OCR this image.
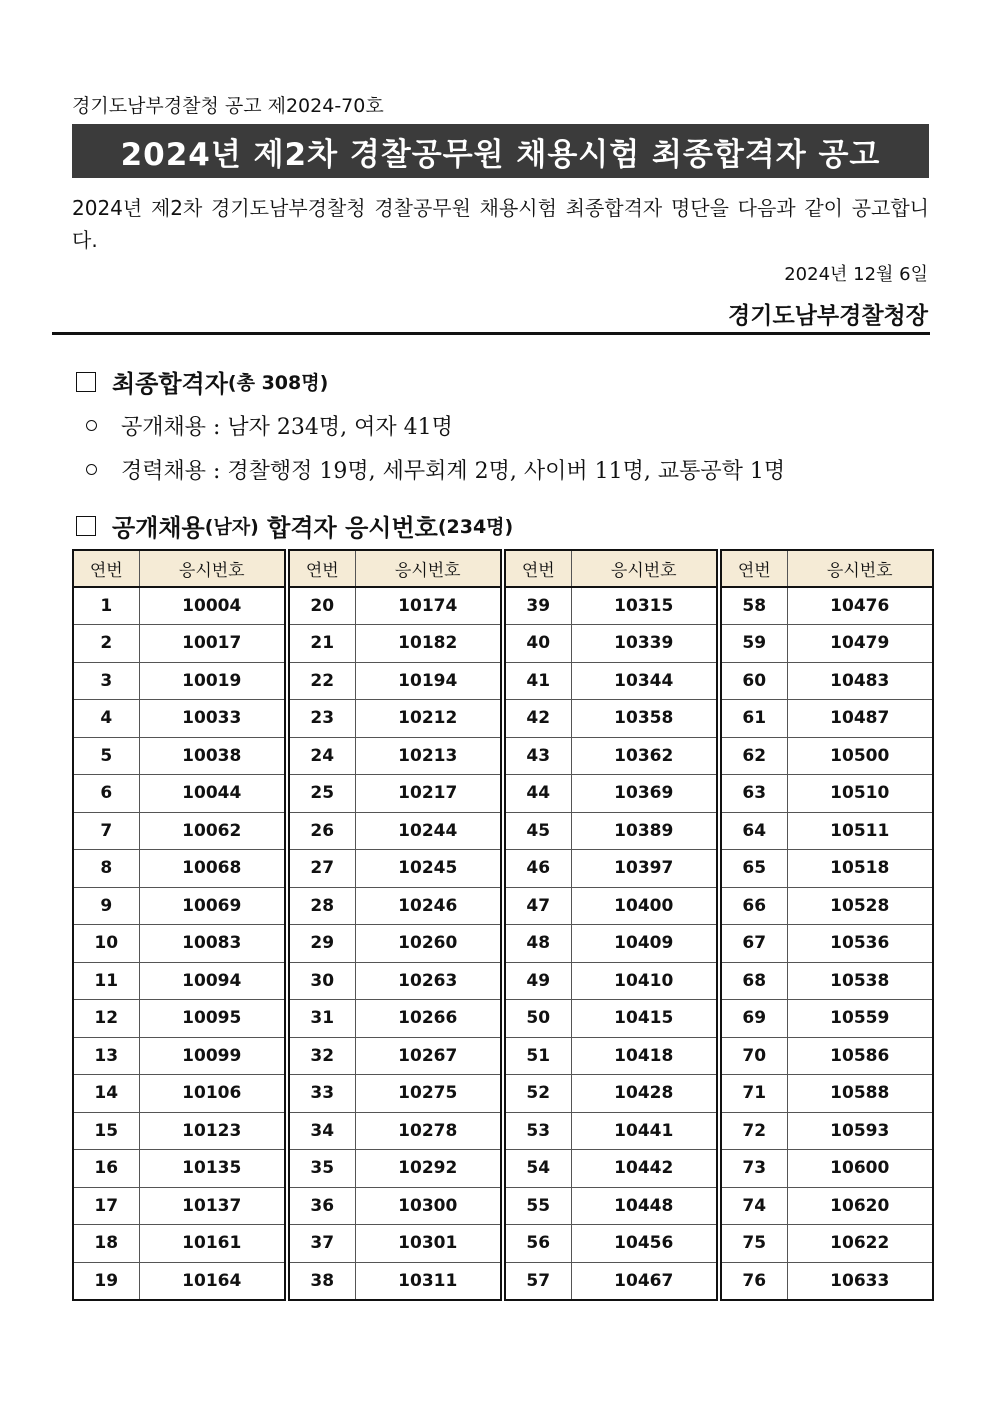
경기도남부경찰청 공고 제2024-70호
2024년 제2차 경찰공무원 채용시험 최종합격자 공고
2024년 제2차 경기도남부경찰청 경찰공무원 채용시험 최종합격자 명단을 다음과 같이 공고합니다.
2024년 12월 6일
경기도남부경찰청장
최종합격자 (총 308명)
공개채용 : 남자 234명, 여자 41명
경력채용 : 경찰행정 19명, 세무회계 2명, 사이버 11명, 교통공학 1명
공개채용 (남자) 합격자 응시번호 (234명)
연번	응시번호
1	10004
2	10017
3	10019
4	10033
5	10038
6	10044
7	10062
8	10068
9	10069
10	10083
11	10094
12	10095
13	10099
14	10106
15	10123
16	10135
17	10137
18	10161
19	10164
연번	응시번호
20	10174
21	10182
22	10194
23	10212
24	10213
25	10217
26	10244
27	10245
28	10246
29	10260
30	10263
31	10266
32	10267
33	10275
34	10278
35	10292
36	10300
37	10301
38	10311
연번	응시번호
39	10315
40	10339
41	10344
42	10358
43	10362
44	10369
45	10389
46	10397
47	10400
48	10409
49	10410
50	10415
51	10418
52	10428
53	10441
54	10442
55	10448
56	10456
57	10467
연번	응시번호
58	10476
59	10479
60	10483
61	10487
62	10500
63	10510
64	10511
65	10518
66	10528
67	10536
68	10538
69	10559
70	10586
71	10588
72	10593
73	10600
74	10620
75	10622
76	10633
